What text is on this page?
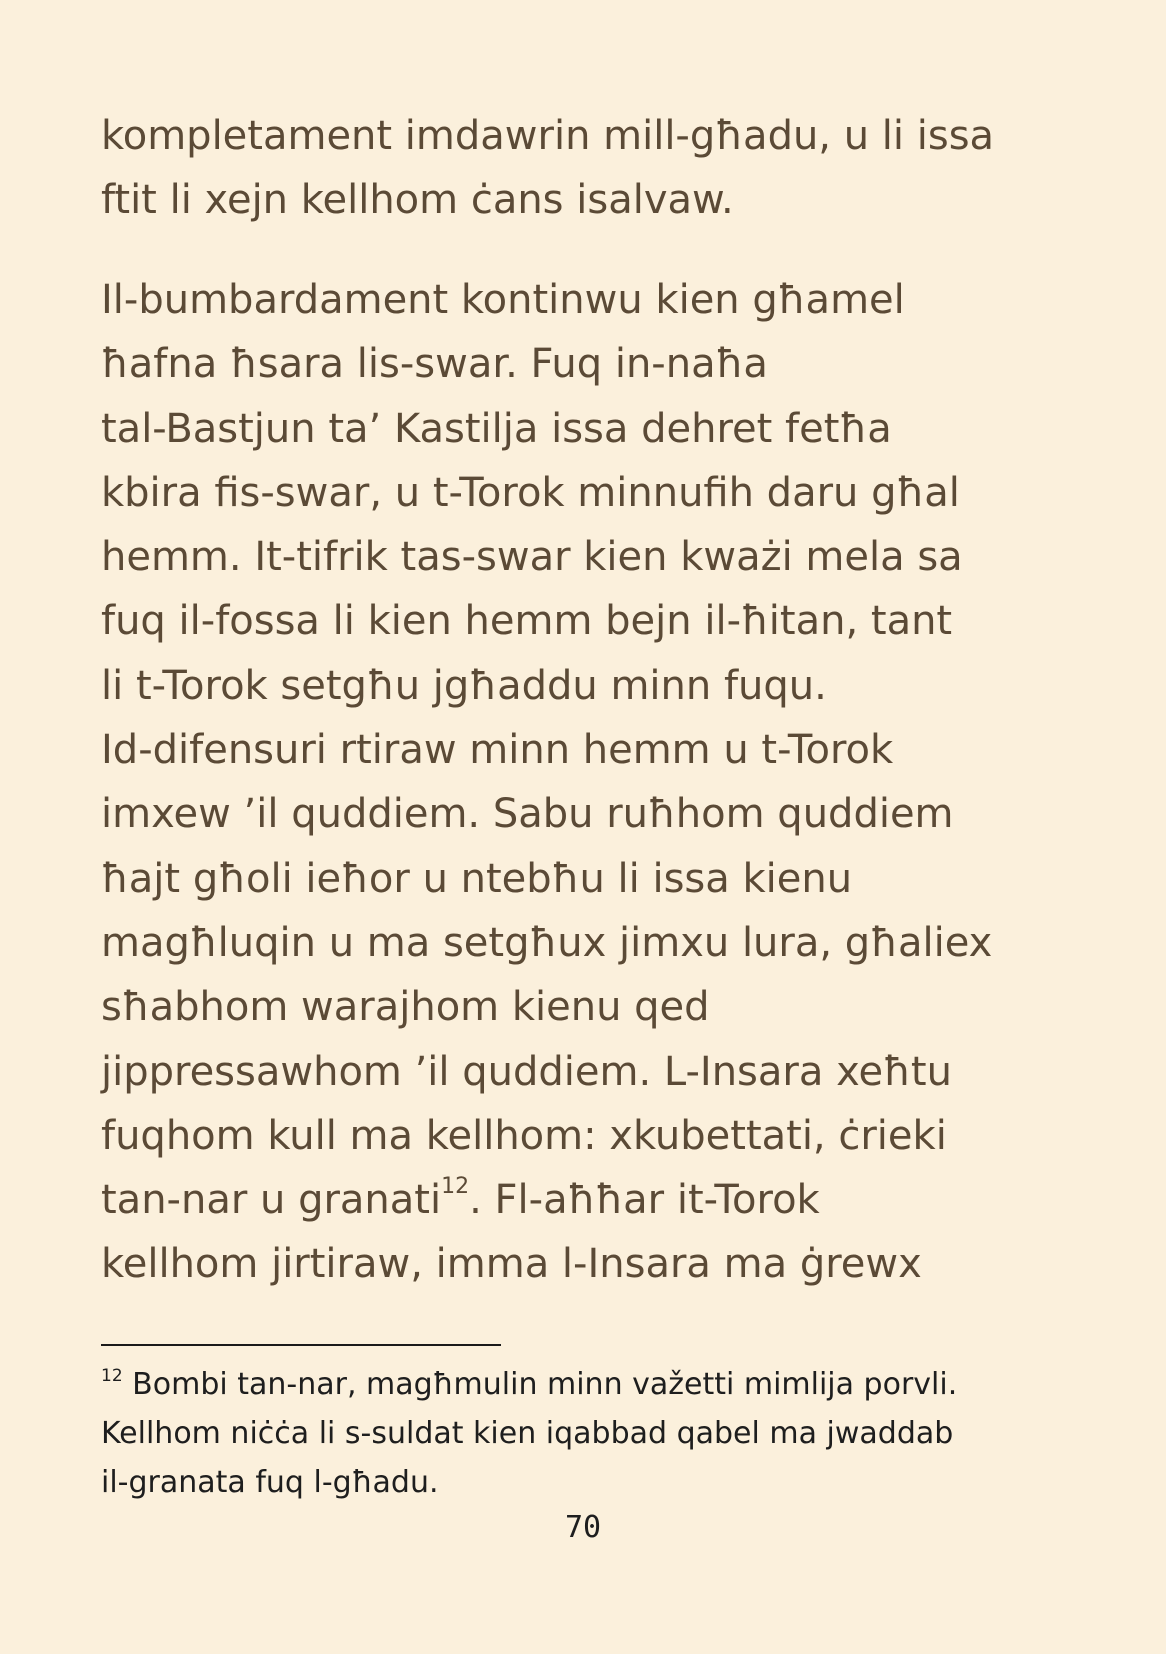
kompletament imdawrin mill-għadu, u li issa
ftit li xejn kellhom ċans isalvaw.

Il-bumbardament kontinwu kien għamel
ħafna ħsara lis-swar. Fuq in-naħa
tal-Bastjun ta’ Kastilja issa dehret fetħa
kbira fis-swar, u t-Torok minnufih daru għal
hemm. It-tifrik tas-swar kien kważi mela sa
fuq il-fossa li kien hemm bejn il-ħitan, tant
li t-Torok setgħu jgħaddu minn fuqu.
Id-difensuri rtiraw minn hemm u t-Torok
imxew ’il quddiem. Sabu ruħhom quddiem
ħajt għoli ieħor u ntebħu li issa kienu
magħluqin u ma setgħux jimxu lura, għaliex
sħabhom warajhom kienu qed
jippressawhom ’il quddiem. L-Insara xeħtu
fuqhom kull ma kellhom: xkubettati, ċrieki
tan-nar u granati$^{12}$. Fl-aħħar it-Torok
kellhom jirtiraw, imma l-Insara ma ġrewx

$^{12}$ Bombi tan-nar, magħmulin minn važetti mimlija porvli.
Kellhom niċċa li s-suldat kien iqabbad qabel ma jwaddab
il-granata fuq l-għadu.
70
